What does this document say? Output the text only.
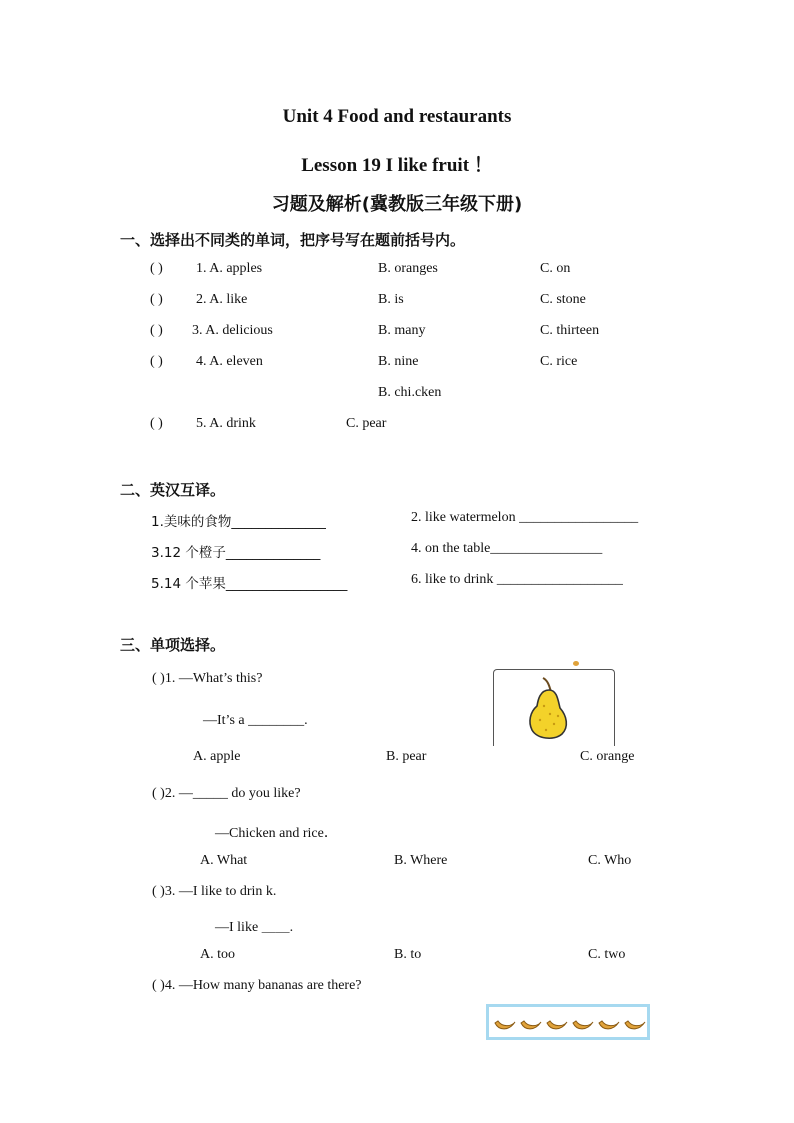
Unit 4 Food and restaurants
Lesson 19 I like fruit ！
习题及解析(冀教版三年级下册)
一、选择出不同类的单词，把序号写在题前括号内。
( ) 1. A. apples	B. oranges	C. on
( ) 2. A. like	B. is	C. stone
( ) 3. A. delicious	B. many	C. thirteen
( ) 4. A. eleven	B. nine	C. rice
B. chi.cken
( ) 5. A. drink	C. pear
二、英汉互译。
1.美味的食物______________	2. like watermelon _________________
3.12 个橙子______________	4. on the table________________
5.14 个苹果__________________	6. like to drink __________________
三、单项选择。
( )1. —What’s this?
—It’s a ________.
A. apple	B. pear	C. orange
( )2. —_____ do you like?
—Chicken and rice．
A. What	B. Where	C. Who
( )3. —I like to drin k.
—I like ＿＿.
A. too	B. to	C. two
( )4. —How many bananas are there?
